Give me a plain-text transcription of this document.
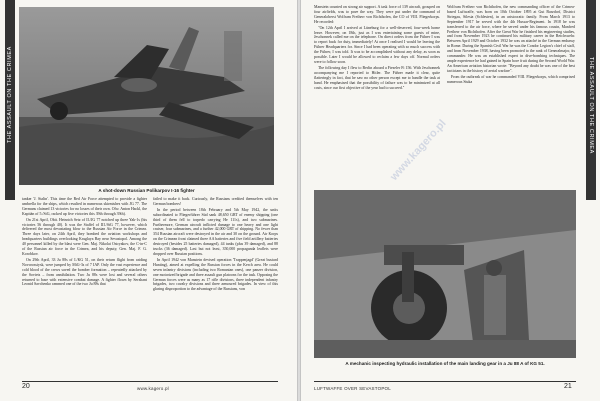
THE ASSAULT ON THE CRIMEA
A shot-down Russian Polikarpov I-16 fighter

tanker 'J. Stalin'. This time the Red Air Force attempted to provide a fighter umbrella for the ships, which resulted in numerous skirmishes with JG 77. The Germans claimed 13 victories for no losses of their own. Ofw. Anton Hackl, the Kapitän of 5./StG, racked up five victories this 39th through 39th).

On 21st April, Obit. Heinrich Setz of II./JG 77 notched up three Yak-1s (his victories 56 through 40). It was the Staffel of III./StG 77, however, which delivered the most devastating blow to the Russian Air Force in the Crimea. Three days later, on 24th April, they bombed the aviation workshops and headquarters buildings overlooking Kruglaya Bay near Sevastopol. Among the 40 personnel killed by the blast were Gen. Maj. Nikolai Ostryakov, the C-in-C of the Russian air force in the Crimea, and his deputy, Gen. Maj. F. G. Korobkov.

On 29th April, 33 Ju 88s of I./KG 51, on their return flight from raiding Novorossiysk, were jumped by MiG-3s of 7 IAP. Only the vast experience and cold blood of the crews saved the bomber formation – repeatedly attacked by the Soviets – from annihilation. Two Ju 88s were lost and several others returned to base with extensive combat damage. A fighter flown by Serzhant Leonid Savchenko rammed one of the two Ju 88s that

failed to make it back. Curiously, the Russians credited themselves with ten German bombers!

In the period between 18th February and 5th May 1942, the units subordinated to Fliegerführer Süd sank 48,650 GRT of enemy shipping (one third of them fell to torpedo carrying He 111s), and two submarines. Furthermore, German aircraft inflicted damage to one heavy and one light cruiser, four submarines, and a further 42,000 GRT of shipping. No fewer than 354 Russian aircraft were destroyed in the air and 30 on the ground. Air Korps on the Crimean front claimed three AA batteries and five field artillery batteries destroyed (besides 25 batteries damaged), 44 tanks (plus 39 damaged), and 88 trucks (36 damaged). Last but not least, 350,000 propaganda leaflets were dropped over Russian positions.

In April 1942 von Manstein devised operation 'Trappenjagd' (Great bustard Hunting), aimed at expelling the Russian forces in the Kerch area. He could seven infantry divisions (including two Romanian ones), one panzer division, one motorized brigade and three assault gun platoons for the task. Opposing the German forces were as many as 17 rifle divisions, three independent infantry brigades, two cavalry divisions and three armoured brigades. In view of this glaring disproportion to the advantage of the Russians, von

20	www.kagero.pl
THE ASSAULT ON THE CRIMEA

Manstein counted on strong air support. A task force of 139 aircraft, grouped on four airfields, was to pave the way. They were put under the command of Generaloberst Wolfram Freiherr von Richthofen, the CO of VIII. Fliegerkorps. He recorded:

"On 12th April I arrived at Lüneburg for a well-deserved, four-week home leave. However, on 18th, just as I was entertaining some guests of mine, Jeschonnek called me on the telephone. On direct orders from the Führer I was to report back for duty, immediately! At once I realised I would be leaving the Führer Headquarters for. Since I had been operating with so much success with the Führer, I was told. It was to be accomplished without any delay, as soon as possible. Later I would be allowed to reclaim a few days off. Normal orders were to follow soon.

The following day I flew to Berlin aboard a Fieseler Fi 156. With Jeschonnek accompanying me I reported to Hitler. The Führer made it clear, quite flatteringly in fact, that he saw no other person except me to handle the task at hand. He emphasised that the possibility of failure was to be minimized at all costs, since our first objective of the year had to succeed."

Wolfram Freiherr von Richthofen, the new commanding officer of the Crimea-based Luftwaffe, was born on 10th October 1895 at Gut Barzdorf, District Striegau, Silesia (Schlesien), in an aristocratic family. From March 1913 to September 1917 he served with the 4th Hussar-Regiment. In 1918 he was transferred to the air force, where he served under his famous cousin, Manfred Freiherr von Richthofen. After the Great War he finished his engineering studies, and from November 1923 he continued his military career in the Reichswehr. Between April 1929 and October 1932 he was an attaché in the German embassy in Rome. During the Spanish Civil War he was the Condor Legion's chief of staff, and from November 1938, having been promoted to the rank of Generalmajor, its commander. He was an established expert in dive-bombing techniques. The ample experience he had gained in Spain bore fruit during the Second World War. An American aviation historian wrote: "Beyond any doubt he was one of the best tacticians in the history of aerial warfare".

From the outbreak of war he commanded VIII. Fliegerkorps, which comprised numerous Stuka

A mechanic inspecting hydraulic installation of the main landing gear in a Ju 88 A of KG 51.
LUFTWAFFE OVER SEVASTOPOL	21
www.kagero.pl
